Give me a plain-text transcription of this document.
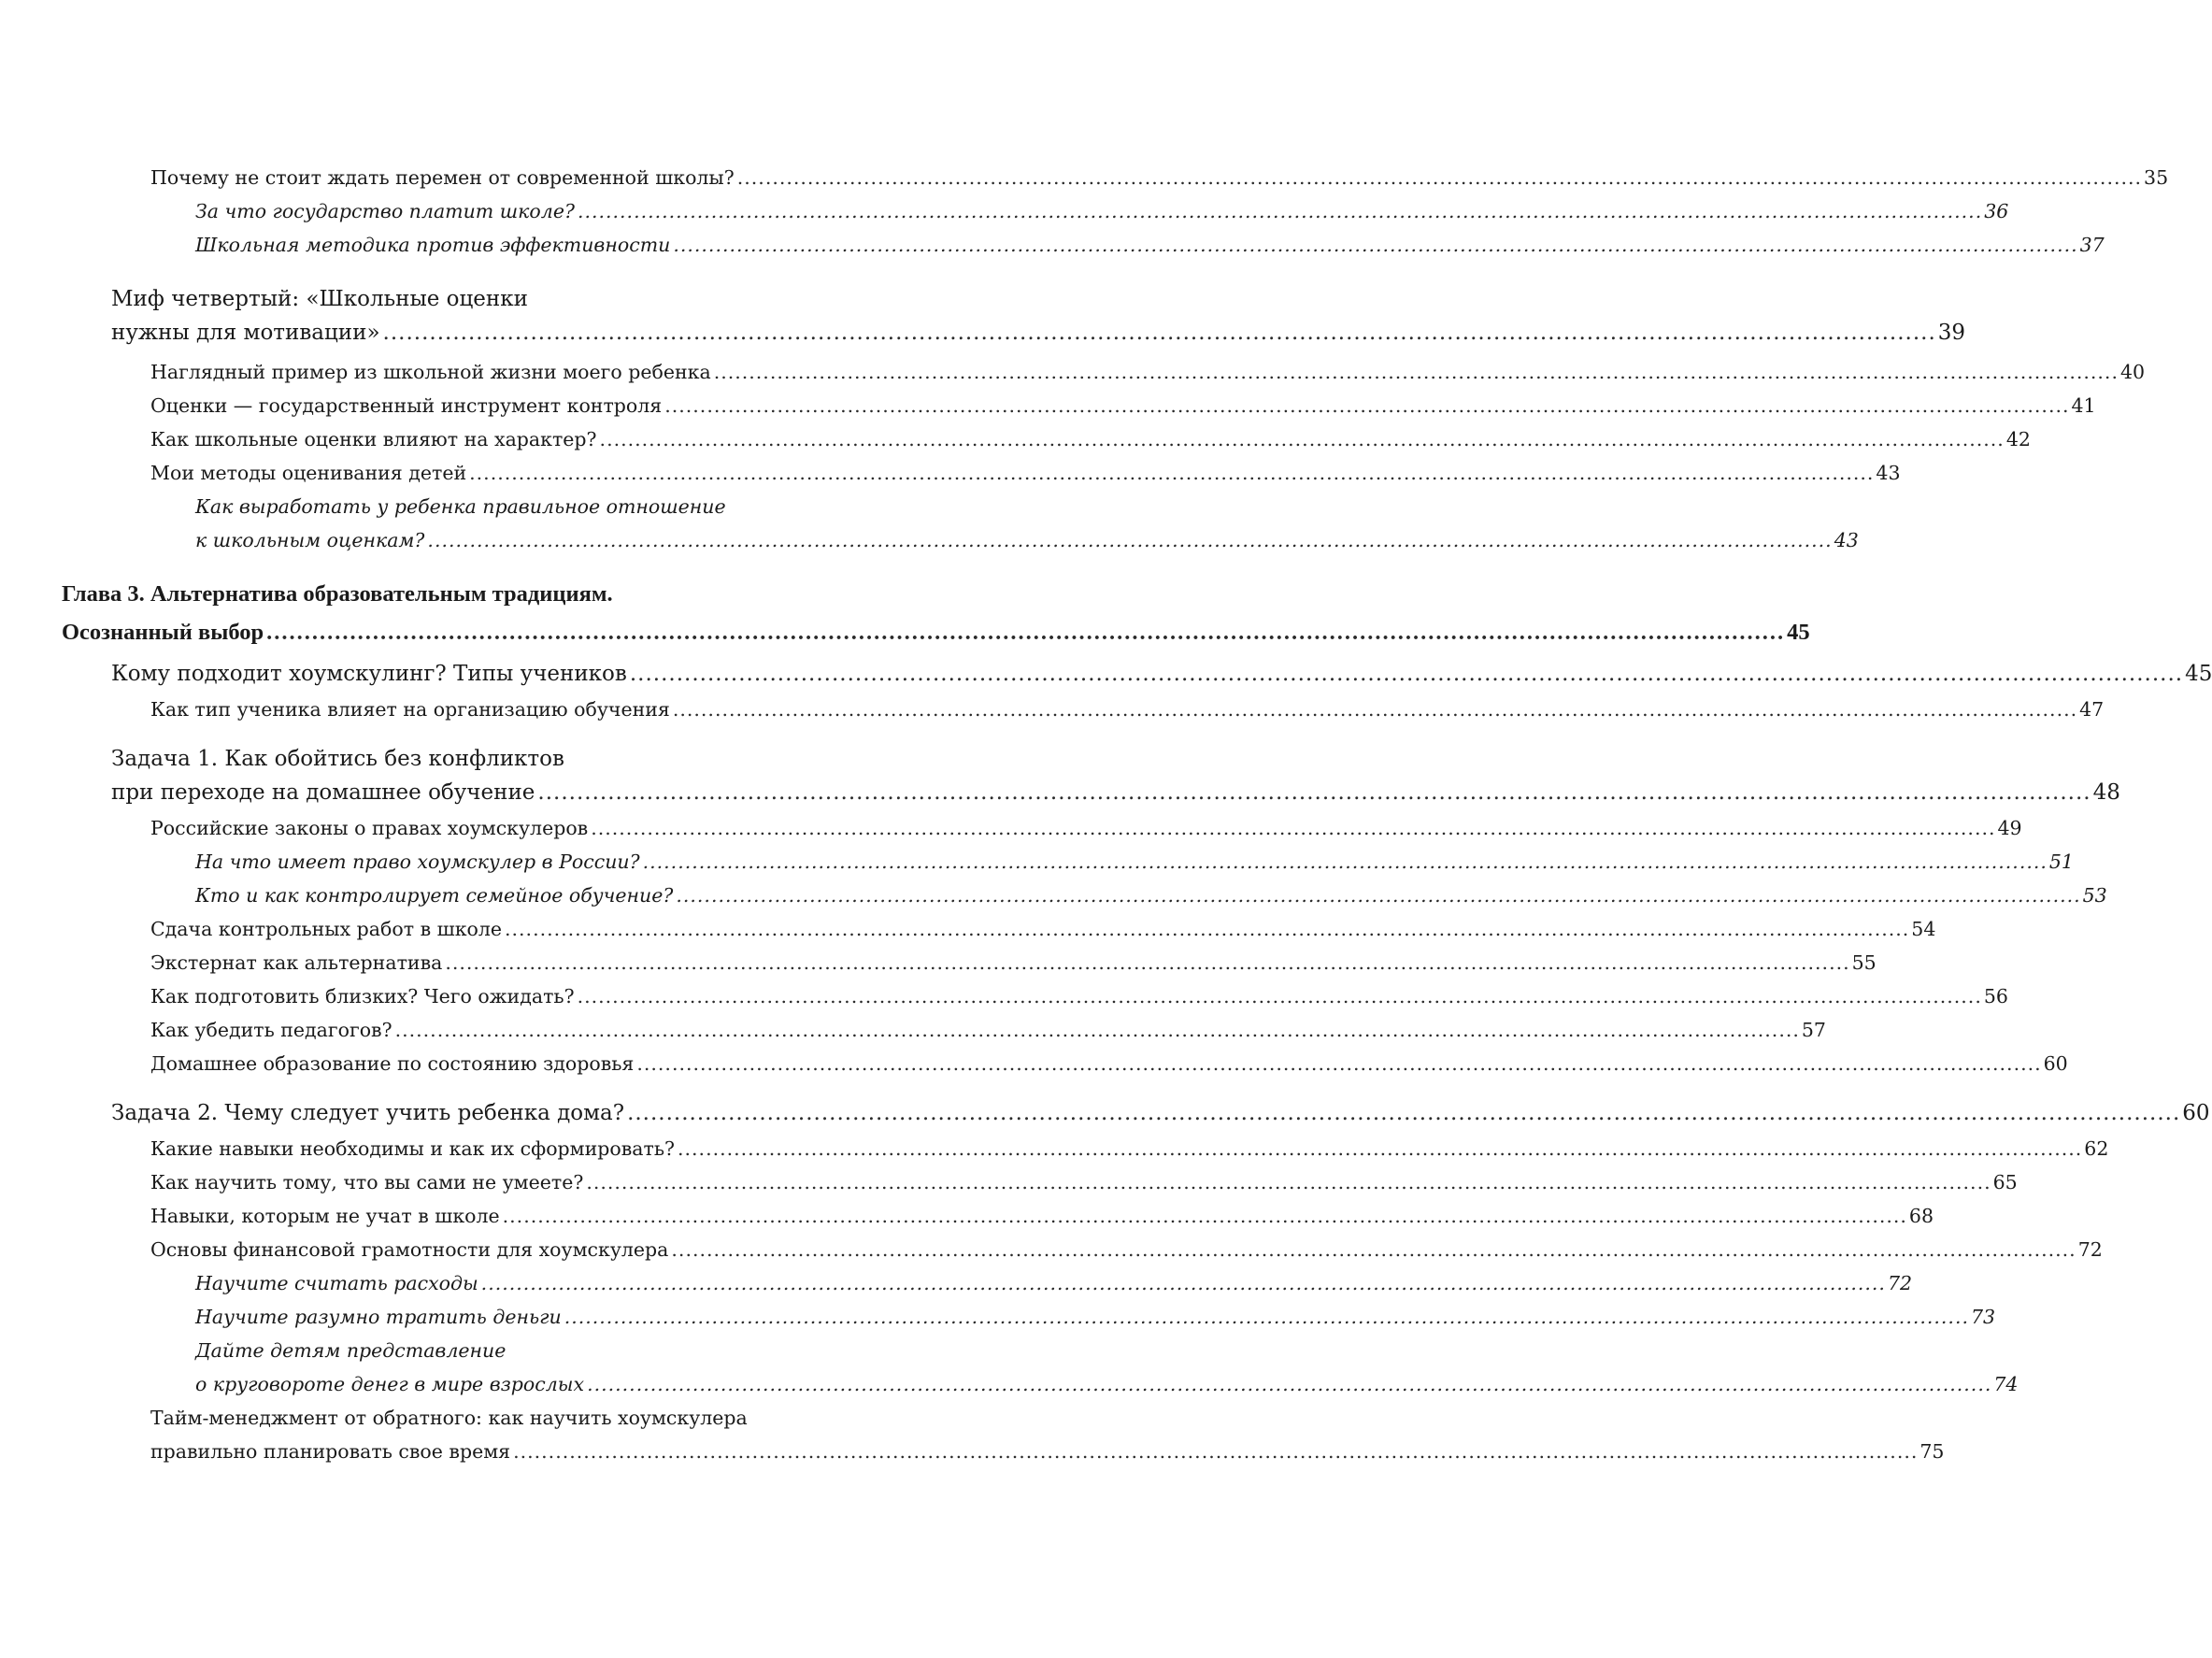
Почему не стоит ждать перемен от современной школы? ........................................................................................................................................................................................................ 35
За что государство платит школе? ........................................................................................................................................................................................................ 36
Школьная методика против эффективности ........................................................................................................................................................................................................ 37
Миф четвертый: «Школьные оценки
нужны для мотивации» ........................................................................................................................................................................................................ 39
Наглядный пример из школьной жизни моего ребенка ........................................................................................................................................................................................................ 40
Оценки — государственный инструмент контроля ........................................................................................................................................................................................................ 41
Как школьные оценки влияют на характер? ........................................................................................................................................................................................................ 42
Мои методы оценивания детей ........................................................................................................................................................................................................ 43
Как выработать у ребенка правильное отношение
к школьным оценкам? ........................................................................................................................................................................................................ 43
Глава 3. Альтернатива образовательным традициям.
Осознанный выбор ........................................................................................................................................................................................................ 45
Кому подходит хоумскулинг? Типы учеников ........................................................................................................................................................................................................ 45
Как тип ученика влияет на организацию обучения ........................................................................................................................................................................................................ 47
Задача 1. Как обойтись без конфликтов
при переходе на домашнее обучение ........................................................................................................................................................................................................ 48
Российские законы о правах хоумскулеров ........................................................................................................................................................................................................ 49
На что имеет право хоумскулер в России? ........................................................................................................................................................................................................ 51
Кто и как контролирует семейное обучение? ........................................................................................................................................................................................................ 53
Сдача контрольных работ в школе ........................................................................................................................................................................................................ 54
Экстернат как альтернатива ........................................................................................................................................................................................................ 55
Как подготовить близких? Чего ожидать? ........................................................................................................................................................................................................ 56
Как убедить педагогов? ........................................................................................................................................................................................................ 57
Домашнее образование по состоянию здоровья ........................................................................................................................................................................................................ 60
Задача 2. Чему следует учить ребенка дома? ........................................................................................................................................................................................................ 60
Какие навыки необходимы и как их сформировать? ........................................................................................................................................................................................................ 62
Как научить тому, что вы сами не умеете? ........................................................................................................................................................................................................ 65
Навыки, которым не учат в школе ........................................................................................................................................................................................................ 68
Основы финансовой грамотности для хоумскулера ........................................................................................................................................................................................................ 72
Научите считать расходы ........................................................................................................................................................................................................ 72
Научите разумно тратить деньги ........................................................................................................................................................................................................ 73
Дайте детям представление
о круговороте денег в мире взрослых ........................................................................................................................................................................................................ 74
Тайм-менеджмент от обратного: как научить хоумскулера
правильно планировать свое время ........................................................................................................................................................................................................ 75
